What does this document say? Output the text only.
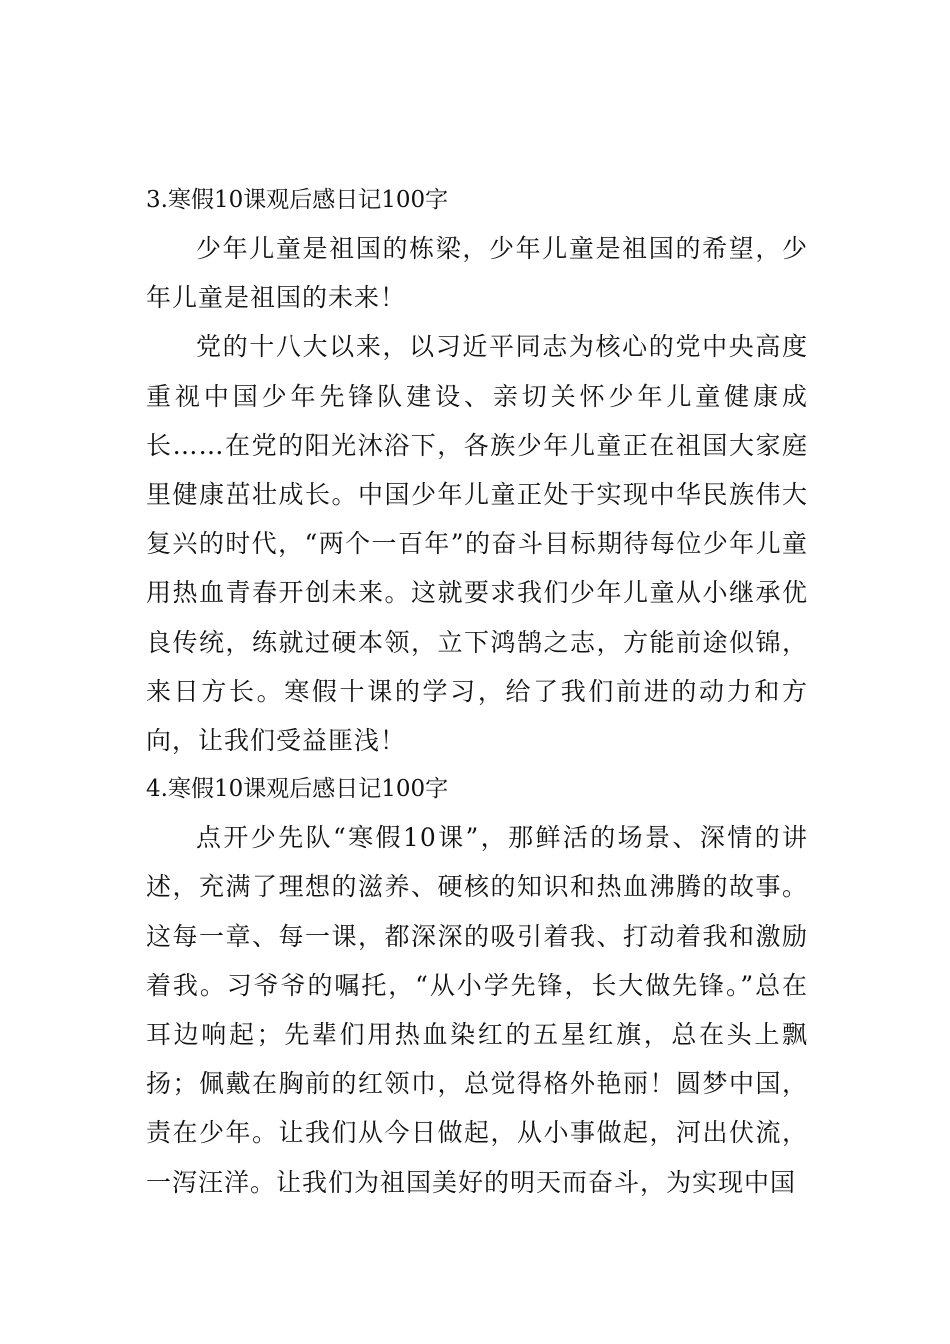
3.寒假10课观后感日记100字

少年儿童是祖国的栋梁，少年儿童是祖国的希望，少年儿童是祖国的未来！

党的十八大以来，以习近平同志为核心的党中央高度重视中国少年先锋队建设、亲切关怀少年儿童健康成长……在党的阳光沐浴下，各族少年儿童正在祖国大家庭里健康茁壮成长。中国少年儿童正处于实现中华民族伟大复兴的时代，“两个一百年”的奋斗目标期待每位少年儿童用热血青春开创未来。这就要求我们少年儿童从小继承优良传统，练就过硬本领，立下鸿鹄之志，方能前途似锦，来日方长。寒假十课的学习，给了我们前进的动力和方向，让我们受益匪浅！

4.寒假10课观后感日记100字

点开少先队“寒假10课”，那鲜活的场景、深情的讲述，充满了理想的滋养、硬核的知识和热血沸腾的故事。这每一章、每一课，都深深的吸引着我、打动着我和激励着我。习爷爷的嘱托，“从小学先锋，长大做先锋。”总在耳边响起；先辈们用热血染红的五星红旗，总在头上飘扬；佩戴在胸前的红领巾，总觉得格外艳丽！圆梦中国，责在少年。让我们从今日做起，从小事做起，河出伏流，一泻汪洋。让我们为祖国美好的明天而奋斗，为实现中国
